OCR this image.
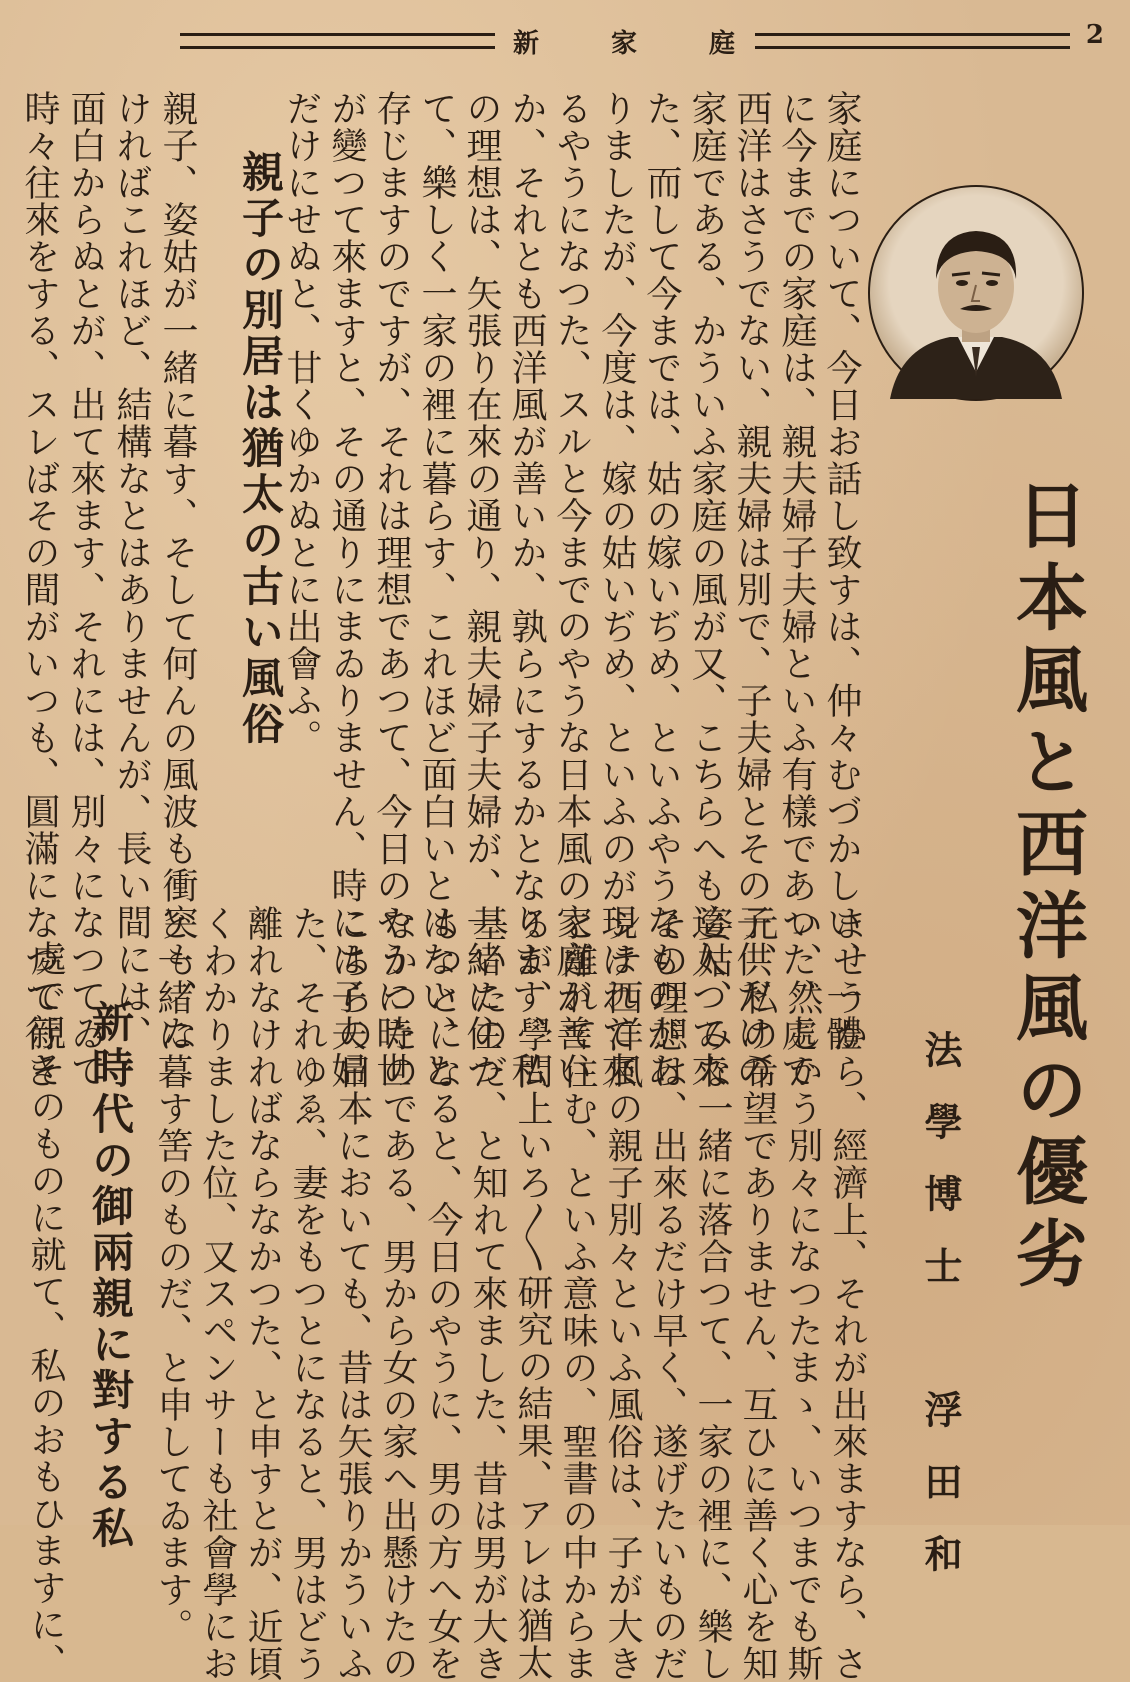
新	家	庭	2
日本風と西洋風の優劣
法學博士　浮田和
家庭について、今日お話し致すは、仲々むづかしい、一體
に今までの家庭は、親夫婦子夫婦といふ有樣であつた、處で
西洋はさうでない、親夫婦は別で、子夫婦とその子供だけの
家庭である、かういふ家庭の風が又、こちらへも這入つて來
た、而して今までは、姑の嫁いぢめ、といふやうなものがあ
りましたが、今度は、嫁の姑いぢめ、といふのが現はれて來
るやうになつた、スルと今までのやうな日本風の家庭が善い
か、それとも西洋風が善いか、孰らにするかとなります、私
の理想は、矢張り在來の通り、親夫婦子夫婦が、一緒に住つ
て、樂しく一家の裡に暮らす、これほど面白いとはない、と
存じますのですが、それは理想であつて、今日のやうに時世
が變つて來ますと、その通りにまゐりません、時には子夫婦
だけにせぬと、甘くゆかぬとに出會ふ。
親子の別居は猶太の古い風俗
親子、姿姑が一緒に暮す、そして何んの風波も衝突も、な
ければこれほど、結構なとはありませんが、長い間には、
面白からぬとが、出て來ます、それには、別々になつてゐて
時々往來をする、スレばその間がいつも、圓滿になつて行き
ませうから、經濟上、それが出來ますなら、さ
い、然しかう別々になつたまゝ、いつまでも斯
元、私の希望でありません、互ひに善く心を知
姿姑、みな一緒に落合つて、一家の裡に、樂し
その理想は、出來るだけ早く、遂げたいものだ
シテ西洋風の親子別々といふ風俗は、子が大き
と離れて住む、といふ意味の、聖書の中からま
るが、學問上いろ〳〵研究の結果、アレは猶太
基いたのだ、と知れて來ました、昔は男が大き
もつとになると、今日のやうに、男の方へ女を
なかつたのである、男から女の家へ出懸けたの
こちらの日本においても、昔は矢張りかういふ
た、それゆゑ、妻をもつとになると、男はどう
離れなければならなかつた、と申すとが、近頃
くわかりました位、又スペンサーも社會學にお
と一緒に暮す筈のものだ、と申してゐます。
新時代の御兩親に對する私
處で親そのものに就て、私のおもひますに、
